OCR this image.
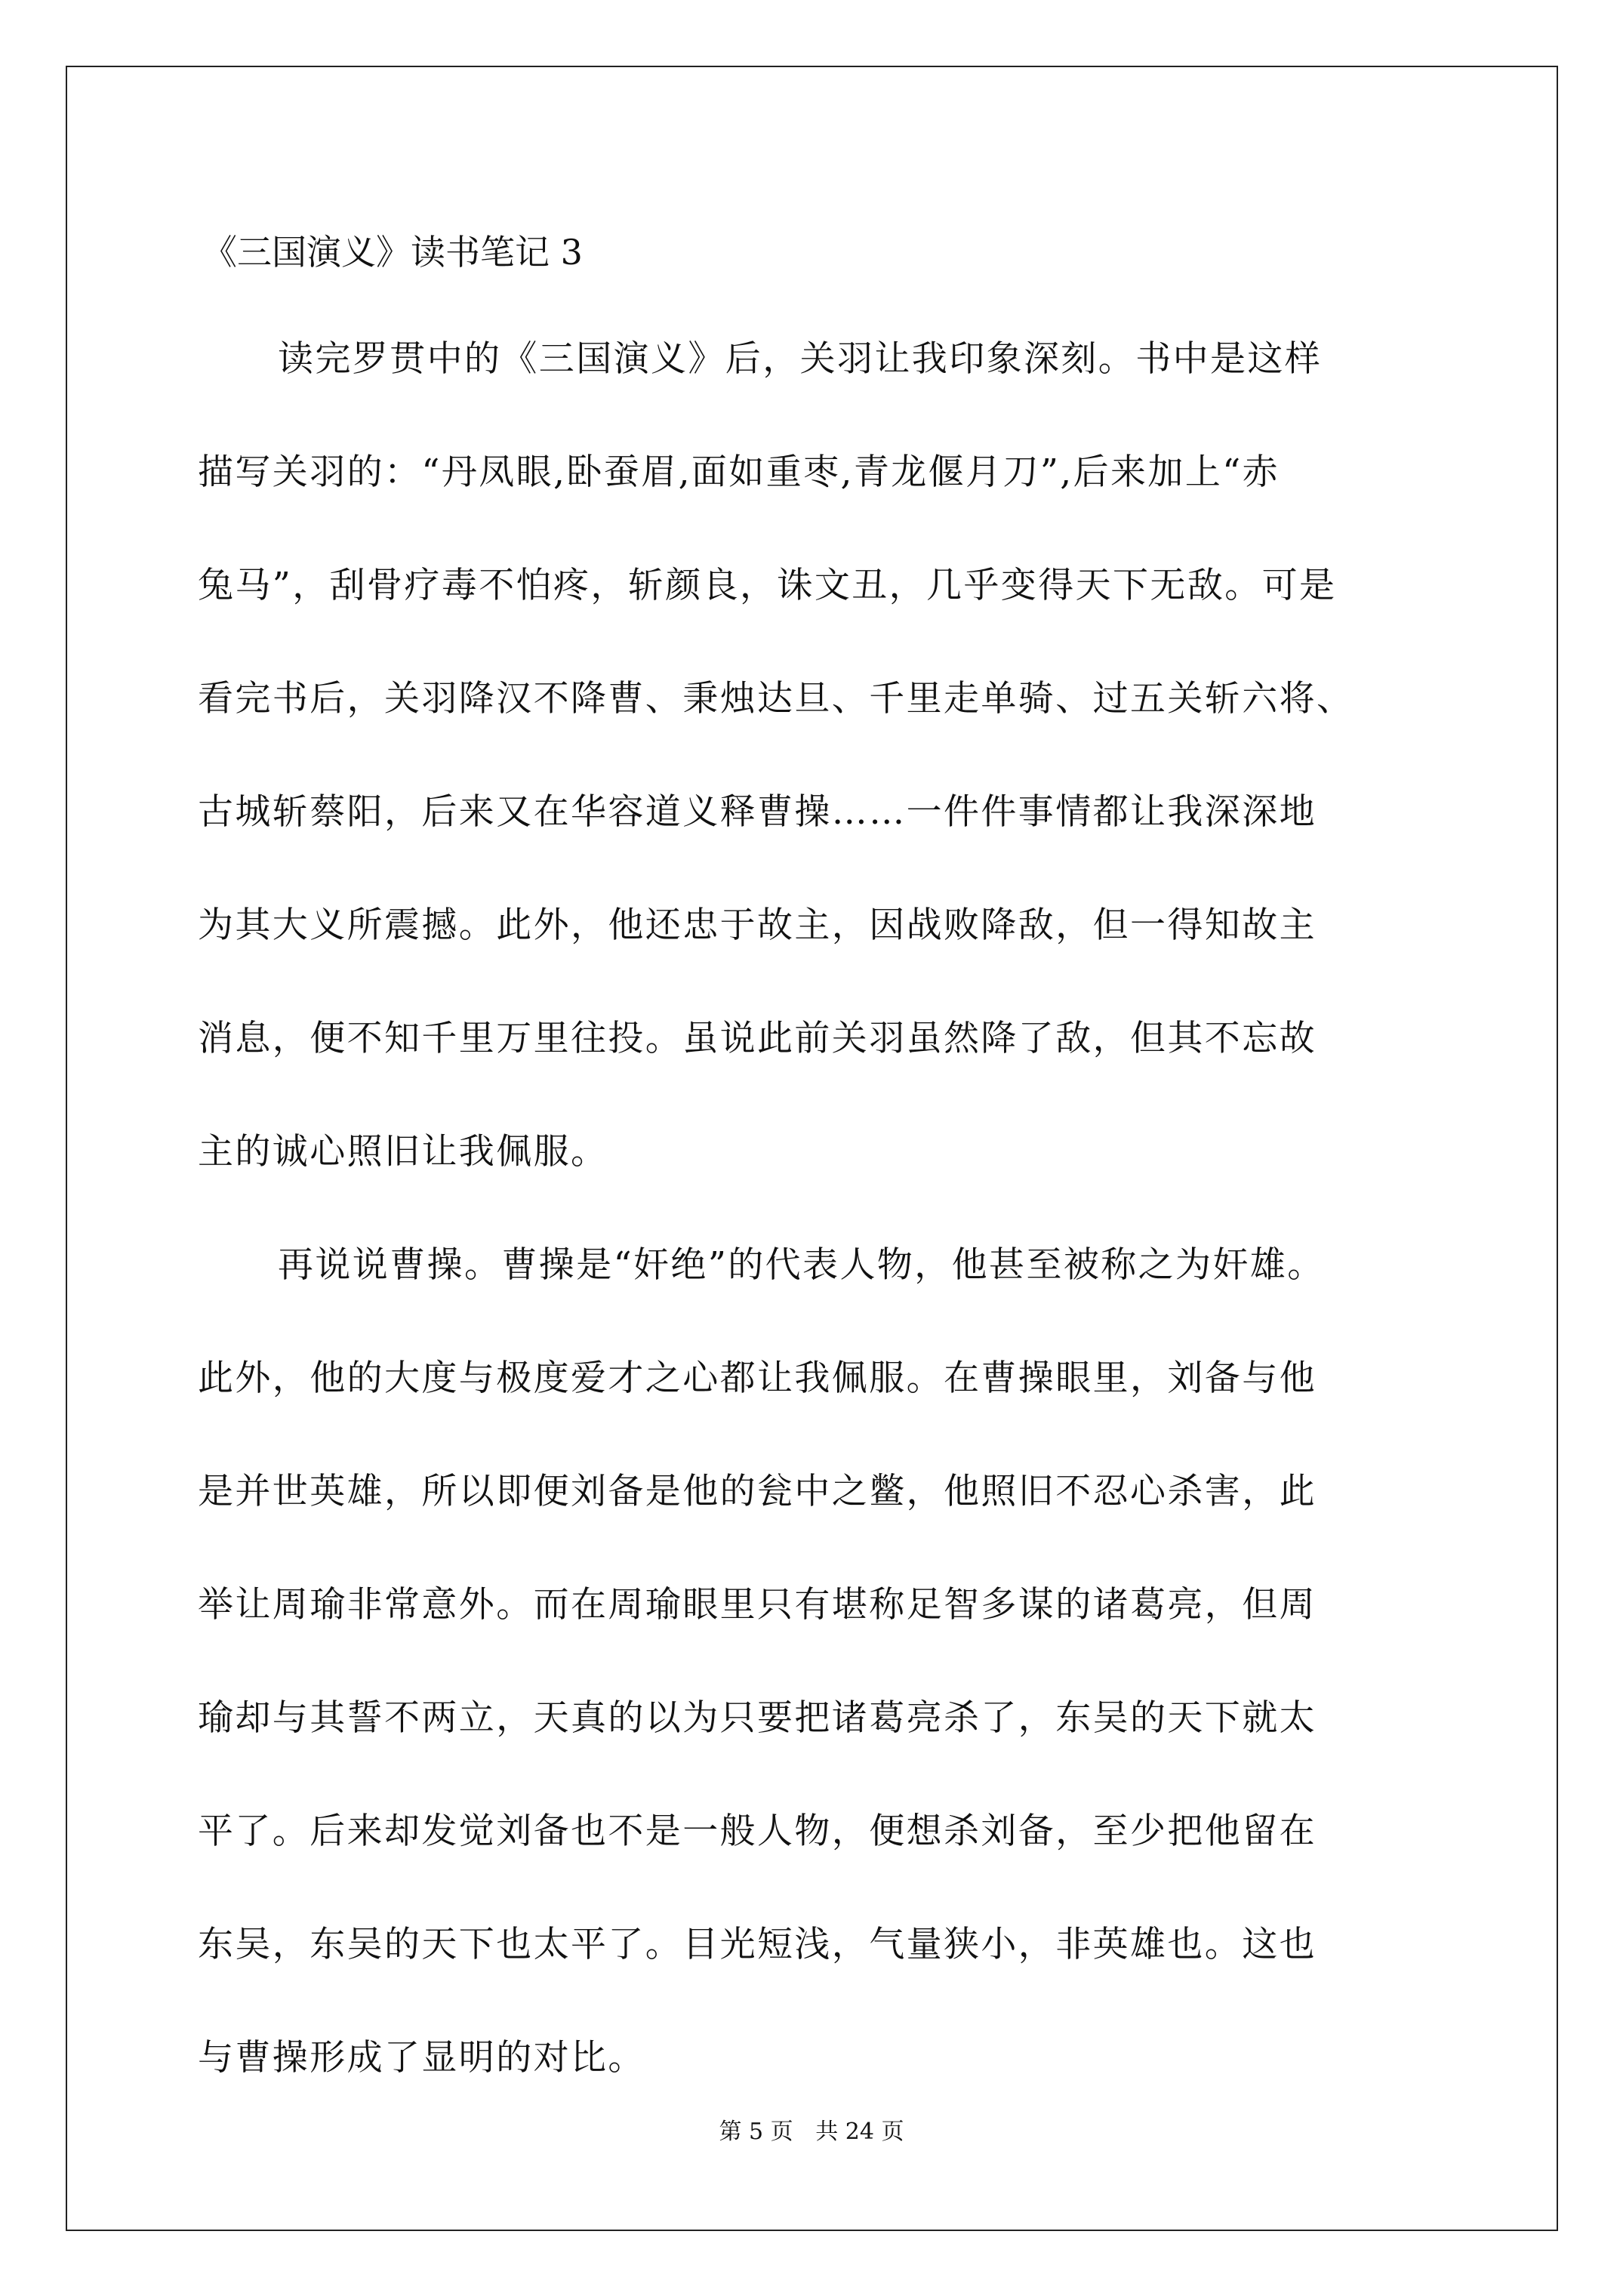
《三国演义》读书笔记 3
读完罗贯中的《三国演义》后，关羽让我印象深刻。书中是这样
描写关羽的：“丹凤眼,卧蚕眉,面如重枣,青龙偃月刀”,后来加上“赤
兔马”，刮骨疗毒不怕疼，斩颜良，诛文丑，几乎变得天下无敌。可是
看完书后，关羽降汉不降曹、秉烛达旦、千里走单骑、过五关斩六将、
古城斩蔡阳，后来又在华容道义释曹操……一件件事情都让我深深地
为其大义所震撼。此外，他还忠于故主，因战败降敌，但一得知故主
消息，便不知千里万里往投。虽说此前关羽虽然降了敌，但其不忘故
主的诚心照旧让我佩服。
再说说曹操。曹操是“奸绝”的代表人物，他甚至被称之为奸雄。
此外，他的大度与极度爱才之心都让我佩服。在曹操眼里，刘备与他
是并世英雄，所以即便刘备是他的瓮中之鳖，他照旧不忍心杀害，此
举让周瑜非常意外。而在周瑜眼里只有堪称足智多谋的诸葛亮，但周
瑜却与其誓不两立，天真的以为只要把诸葛亮杀了，东吴的天下就太
平了。后来却发觉刘备也不是一般人物，便想杀刘备，至少把他留在
东吴，东吴的天下也太平了。目光短浅，气量狭小，非英雄也。这也
与曹操形成了显明的对比。
第 5 页 共 24 页
